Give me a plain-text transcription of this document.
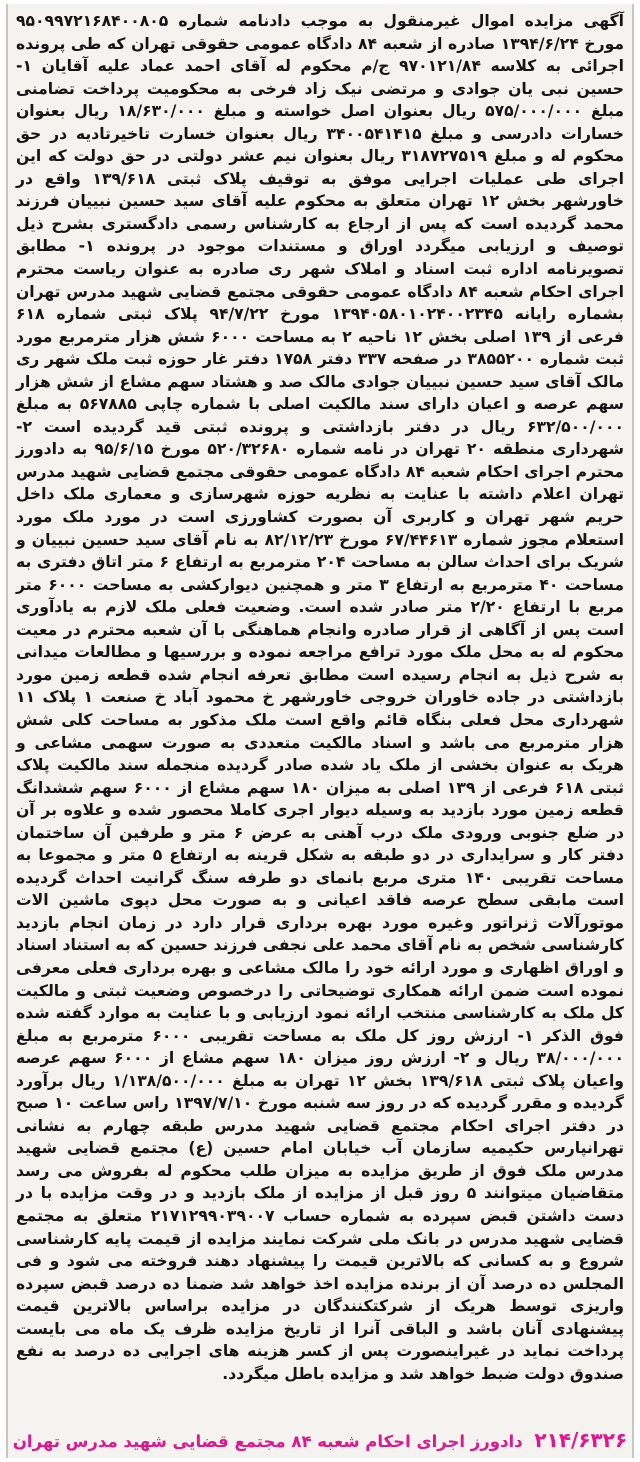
آگهی مزایده اموال غیرمنقول به موجب دادنامه شماره ۹۵۰۹۹۷۲۱۶۸۴۰۰۸۰۵ مورخ ۱۳۹۴/۶/۲۴ صادره از شعبه ۸۴ دادگاه عمومی حقوقی تهران که طی پرونده اجرائی به کلاسه ۹۷۰۱۲۱/۸۴ ج/م محکوم له آقای احمد عماد علیه آقایان ۱- حسین نبی یان جوادی و مرتضی نیک زاد فرخی به محکومیت پرداخت تضامنی مبلغ ۵۷۵/۰۰۰/۰۰۰ ریال بعنوان اصل خواسته و مبلغ ۱۸/۶۳۰/۰۰۰ ریال بعنوان خسارات دادرسی و مبلغ ۳۴۰۰۵۴۱۴۱۵ ریال بعنوان خسارت تاخیرتادیه در حق محکوم له و مبلغ ۳۱۸۷۲۷۵۱۹ ریال بعنوان نیم عشر دولتی در حق دولت که این اجرای طی عملیات اجرایی موفق به توقیف پلاک ثبتی ۱۳۹/۶۱۸ واقع در خاورشهر بخش ۱۲ تهران متعلق به محکوم علیه آقای سید حسین نبییان فرزند محمد گردیده است که پس از ارجاع به کارشناس رسمی دادگستری بشرح ذیل توصیف و ارزیابی میگردد اوراق و مستندات موجود در پرونده ۱- مطابق تصویرنامه اداره ثبت اسناد و املاک شهر ری صادره به عنوان ریاست محترم اجرای احکام شعبه ۸۴ دادگاه عمومی حقوقی مجتمع قضایی شهید مدرس تهران بشماره رایانه ۱۳۹۴۰۵۸۰۱۰۲۴۰۰۲۳۴۵ مورخ ۹۴/۷/۲۲ پلاک ثبتی شماره ۶۱۸ فرعی از ۱۳۹ اصلی بخش ۱۲ ناحیه ۲ به مساحت ۶۰۰۰ شش هزار مترمربع مورد ثبت شماره ۳۸۵۵۲۰۰ در صفحه ۳۳۷ دفتر ۱۷۵۸ دفتر غار حوزه ثبت ملک شهر ری مالک آقای سید حسین نبییان جوادی مالک صد و هشتاد سهم مشاع از شش هزار سهم عرصه و اعیان دارای سند مالکیت اصلی با شماره چاپی ۵۶۷۸۸۵ به مبلغ ۶۳۲/۵۰۰/۰۰۰ ریال در دفتر بازداشتی و پرونده ثبتی قید گردیده است ۲- شهرداری منطقه ۲۰ تهران در نامه شماره ۵۲۰/۳۲۶۸۰ مورخ ۹۵/۶/۱۵ به دادورز محترم اجرای احکام شعبه ۸۴ دادگاه عمومی حقوقی مجتمع قضایی شهید مدرس تهران اعلام داشته با عنایت به نظریه حوزه شهرسازی و معماری ملک داخل حریم شهر تهران و کاربری آن بصورت کشاورزی است در مورد ملک مورد استعلام مجوز شماره ۶۷/۴۴۶۱۳ مورخ ۸۲/۱۲/۲۳ به نام آقای سید حسین نبییان و شریک برای احداث سالن به مساحت ۲۰۴ مترمربع به ارتفاع ۶ متر اتاق دفتری به مساحت ۴۰ مترمربع به ارتفاع ۳ متر و همچنین دیوارکشی به مساحت ۶۰۰۰ متر مربع با ارتفاع ۲/۲۰ متر صادر شده است. وضعیت فعلی ملک لازم به یادآوری است پس از آگاهی از قرار صادره وانجام هماهنگی با آن شعبه محترم در معیت محکوم له به محل ملک مورد ترافع مراجعه نموده و بررسیها و مطالعات میدانی به شرح ذیل به انجام رسیده است مطابق تعرفه انجام شده قطعه زمین مورد بازداشتی در جاده خاوران خروجی خاورشهر خ محمود آباد خ صنعت ۱ پلاک ۱۱ شهرداری محل فعلی بنگاه قائم واقع است ملک مذکور به مساحت کلی شش هزار مترمربع می باشد و اسناد مالکیت متعددی به صورت سهمی مشاعی و هریک به عنوان بخشی از ملک یاد شده صادر گردیده منجمله سند مالکیت پلاک ثبتی ۶۱۸ فرعی از ۱۳۹ اصلی به میزان ۱۸۰ سهم مشاع از ۶۰۰۰ سهم ششدانگ قطعه زمین مورد بازدید به وسیله دیوار اجری کاملا محصور شده و علاوه بر آن در ضلع جنوبی ورودی ملک درب آهنی به عرض ۶ متر و طرفین آن ساختمان دفتر کار و سرایداری در دو طبقه به شکل قرینه به ارتفاع ۵ متر و مجموعا به مساحت تقریبی ۱۴۰ متری مربع بانمای دو طرفه سنگ گرانیت احداث گردیده است مابقی سطح عرصه فاقد اعیانی و به صورت محل دپوی ماشین الات موتورآلات ژنراتور وغیره مورد بهره برداری قرار دارد در زمان انجام بازدید کارشناسی شخص به نام آقای محمد علی نجفی فرزند حسین که به استناد اسناد و اوراق اظهاری و مورد ارائه خود را مالک مشاعی و بهره برداری فعلی معرفی نموده است ضمن ارائه همکاری توضیحاتی را درخصوص وضعیت ثبتی و مالکیت کل ملک به کارشناسی منتخب ارائه نمود ارزیابی و با عنایت به موارد گفته شده فوق الذکر ۱- ارزش روز کل ملک به مساحت تقریبی ۶۰۰۰ مترمربع به مبلغ ۳۸/۰۰۰/۰۰۰ ریال و ۲- ارزش روز میزان ۱۸۰ سهم مشاع از ۶۰۰۰ سهم عرصه واعیان پلاک ثبتی ۱۳۹/۶۱۸ بخش ۱۲ تهران به مبلغ ۱/۱۳۸/۵۰۰/۰۰۰ ریال برآورد گردیده و مقرر گردیده که در روز سه شنبه مورخ ۱۳۹۷/۷/۱۰ راس ساعت ۱۰ صبح در دفتر اجرای احکام مجتمع قضایی شهید مدرس طبقه چهارم به نشانی تهرانپارس حکیمیه سازمان آب خیابان امام حسین (ع) مجتمع قضایی شهید مدرس ملک فوق از طریق مزایده به میزان طلب محکوم له بفروش می رسد متقاضیان میتوانند ۵ روز قبل از مزایده از ملک بازدید و در وقت مزایده با در دست داشتن قبض سپرده به شماره حساب ۲۱۷۱۲۹۹۰۳۹۰۰۷ متعلق به مجتمع قضایی شهید مدرس در بانک ملی شرکت نمایند مزایده از قیمت پایه کارشناسی شروع و به کسانی که بالاترین قیمت را پیشنهاد دهند فروخته می شود و فی المجلس ده درصد آن از برنده مزایده اخذ خواهد شد ضمنا ده درصد قبض سپرده واریزی توسط هریک از شرکتکنندگان در مزایده براساس بالاترین قیمت پیشنهادی آنان باشد و الباقی آنرا از تاریخ مزایده ظرف یک ماه می بایست پرداخت نماید در غیراینصورت پس از کسر هزینه های اجرایی ده درصد به نفع صندوق دولت ضبط خواهد شد و مزایده باطل میگردد.

۲۱۴/۶۳۲۶ دادورز اجرای احکام شعبه ۸۴ مجتمع قضایی شهید مدرس تهران
